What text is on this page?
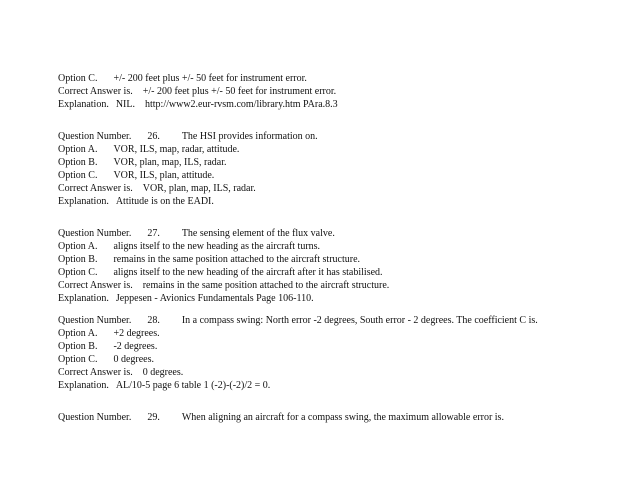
Option C. +/- 200 feet plus +/- 50 feet for instrument error.
Correct Answer is. +/- 200 feet plus +/- 50 feet for instrument error.
Explanation. NIL. http://www2.eur-rvsm.com/library.htm PAra.8.3
Question Number. 26. The HSI provides information on.
Option A. VOR, ILS, map, radar, attitude.
Option B. VOR, plan, map, ILS, radar.
Option C. VOR, ILS, plan, attitude.
Correct Answer is. VOR, plan, map, ILS, radar.
Explanation. Attitude is on the EADI.
Question Number. 27. The sensing element of the flux valve.
Option A. aligns itself to the new heading as the aircraft turns.
Option B. remains in the same position attached to the aircraft structure.
Option C. aligns itself to the new heading of the aircraft after it has stabilised.
Correct Answer is. remains in the same position attached to the aircraft structure.
Explanation. Jeppesen - Avionics Fundamentals Page 106-110.
Question Number. 28. In a compass swing: North error -2 degrees, South error - 2 degrees. The coefficient C is.
Option A. +2 degrees.
Option B. -2 degrees.
Option C. 0 degrees.
Correct Answer is. 0 degrees.
Explanation. AL/10-5 page 6 table 1 (-2)-(-2)/2 = 0.
Question Number. 29. When aligning an aircraft for a compass swing, the maximum allowable error is.
